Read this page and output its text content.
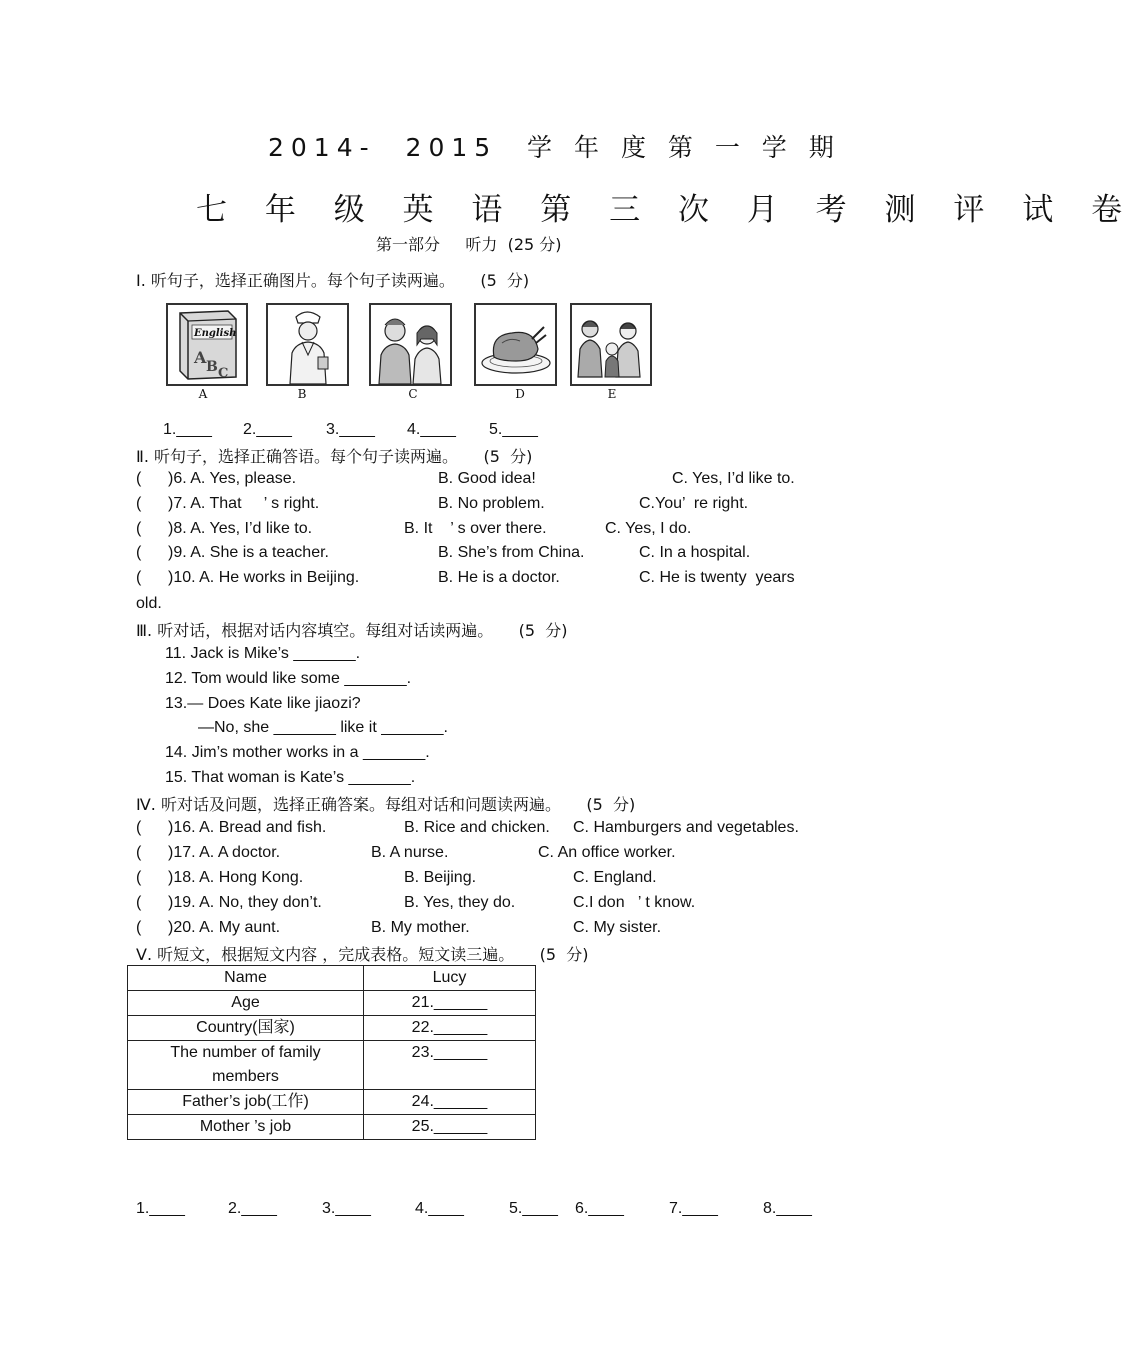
2014-  2015  学 年 度 第 一 学 期
七 年 级 英 语 第 三 次 月 考 测 评 试 卷
第一部分     听力  (25 分)
Ⅰ. 听句子，选择正确图片。每个句子读两遍。     (5  分)
English
A B C
A	B	C	D	E
1.____ 2.____ 3.____ 4.____ 5.____
Ⅱ. 听句子，选择正确答语。每个句子读两遍。     (5  分)
(      )6. A. Yes, please.	B. Good idea!	C. Yes, I’d like to.
(      )7. A. That     ’ s right.	B. No problem.	C.You’  re right.
(      )8. A. Yes, I’d like to.	B. It    ’ s over there.	C. Yes, I do.
(      )9. A. She is a teacher.	B. She’s from China.	C. In a hospital.
(      )10. A. He works in Beijing.	B. He is a doctor.	C. He is twenty  years
old.
Ⅲ. 听对话，根据对话内容填空。每组对话读两遍。     (5  分)
11. Jack is Mike’s _______.
12. Tom would like some _______.
13.— Does Kate like jiaozi?
—No, she _______ like it _______.
14. Jim’s mother works in a _______.
15. That woman is Kate’s _______.
Ⅳ. 听对话及问题，选择正确答案。每组对话和问题读两遍。     (5  分)
(      )16. A. Bread and fish.	B. Rice and chicken. C. Hamburgers and vegetables.
(      )17. A. A doctor.	B. A nurse.	C. An office worker.
(      )18. A. Hong Kong.	B. Beijing.	C. England.
(      )19. A. No, they don’t.	B. Yes, they do.	C.I don   ’ t know.
(      )20. A. My aunt.	B. My mother.	C. My sister.
Ⅴ. 听短文，根据短文内容 ，完成表格。短文读三遍。     (5  分)
Name	Lucy
Age	21.______
Country(国家)	22.______
The number of family
members	23.______
Father’s job(工作)	24.______
Mother ’s job	25.______
1.____	2.____	3.____	4.____	5.____ 6.____	7.____	8.____
